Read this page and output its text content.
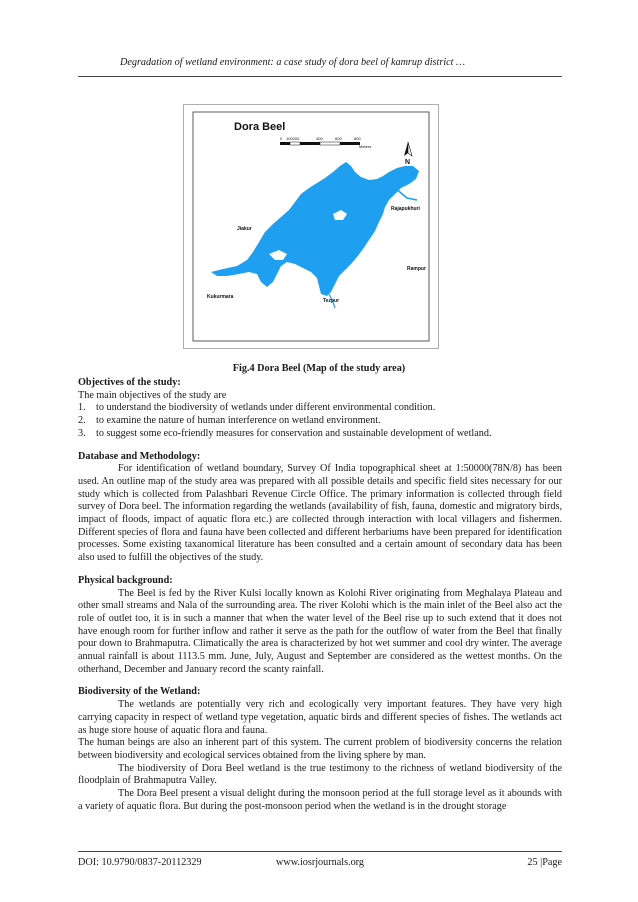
Degradation of wetland environment: a case study of dora beel of kamrup district …
Dora Beel
0 100200	400	600	800
Meters
N
Jiakur
Rajapukhuri
Rampur
Kukurmara
Tezpur
Fig.4 Dora Beel (Map of the study area)
Objectives of the study:

The main objectives of the study are

1.	to understand the biodiversity of wetlands under different environmental condition.
2.	to examine the nature of human interference on wetland environment.
3.	to suggest some eco-friendly measures for conservation and sustainable development of wetland.
Database and Methodology:

For identification of wetland boundary, Survey Of India topographical sheet at 1:50000(78N/8) has been used. An outline map of the study area was prepared with all possible details and specific field sites necessary for our study which is collected from Palashbari Revenue Circle Office. The primary information is collected through field survey of Dora beel. The information regarding the wetlands (availability of fish, fauna, domestic and migratory birds, impact of floods, impact of aquatic flora etc.) are collected through interaction with local villagers and fishermen. Different species of flora and fauna have been collected and different herbariums have been prepared for identification processes. Some existing taxanomical literature has been consulted and a certain amount of secondary data has been also used to fulfill the objectives of the study.

Physical background:

The Beel is fed by the River Kulsi locally known as Kolohi River originating from Meghalaya Plateau and other small streams and Nala of the surrounding area. The river Kolohi which is the main inlet of the Beel also act the role of outlet too, it is in such a manner that when the water level of the Beel rise up to such extend that it does not have enough room for further inflow and rather it serve as the path for the outflow of water from the Beel that finally pour down to Brahmaputra. Climatically the area is characterized by hot wet summer and cool dry winter. The average annual rainfall is about 1113.5 mm. June, July, August and September are considered as the wettest months. On the otherhand, December and January record the scanty rainfall.

Biodiversity of the Wetland:

The wetlands are potentially very rich and ecologically very important features. They have very high carrying capacity in respect of wetland type vegetation, aquatic birds and different species of fishes. The wetlands act as huge store house of aquatic flora and fauna.

The human beings are also an inherent part of this system. The current problem of biodiversity concerns the relation between biodiversity and ecological services obtained from the living sphere by man.

The biodiversity of Dora Beel wetland is the true testimony to the richness of wetland biodiversity of the floodplain of Brahmaputra Valley.

The Dora Beel present a visual delight during the monsoon period at the full storage level as it abounds with a variety of aquatic flora. But during the post-monsoon period when the wetland is in the drought storage

DOI: 10.9790/0837-20112329	www.iosrjournals.org	25 |Page
